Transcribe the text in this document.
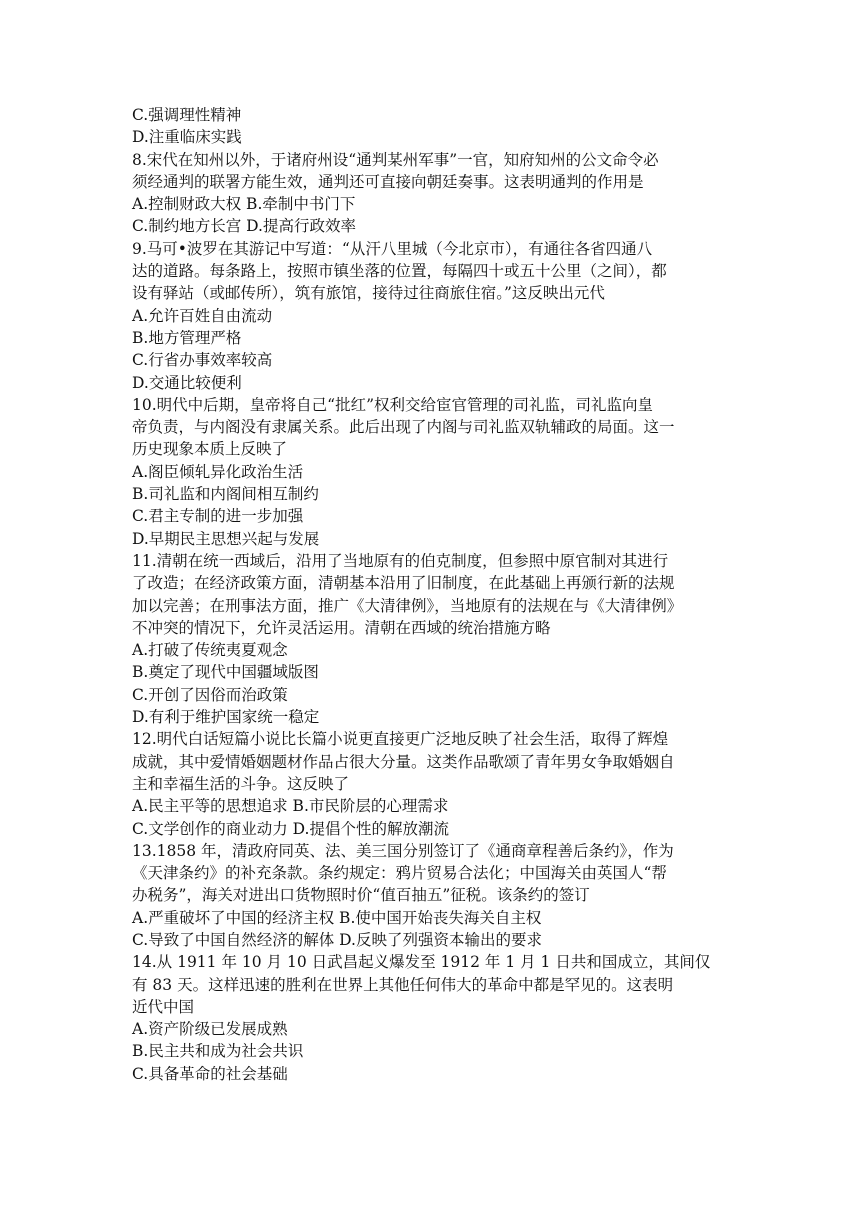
C.强调理性精神
D.注重临床实践
8.宋代在知州以外，于诸府州设“通判某州军事”一官，知府知州的公文命令必
须经通判的联署方能生效，通判还可直接向朝廷奏事。这表明通判的作用是
A.控制财政大权 B.牵制中书门下
C.制约地方长宫 D.提高行政效率
9.马可•波罗在其游记中写道：“从汗八里城（今北京市），有通往各省四通八
达的道路。每条路上，按照市镇坐落的位置，每隔四十或五十公里（之间），都
设有驿站（或邮传所），筑有旅馆，接待过往商旅住宿。”这反映出元代
A.允许百姓自由流动
B.地方管理严格
C.行省办事效率较高
D.交通比较便利
10.明代中后期，皇帝将自己“批红”权利交给宦官管理的司礼监，司礼监向皇
帝负责，与内阁没有隶属关系。此后出现了内阁与司礼监双轨辅政的局面。这一
历史现象本质上反映了
A.阁臣倾轧异化政治生活
B.司礼监和内阁间相互制约
C.君主专制的进一步加强
D.早期民主思想兴起与发展
11.清朝在统一西域后，沿用了当地原有的伯克制度，但参照中原官制对其进行
了改造；在经济政策方面，清朝基本沿用了旧制度，在此基础上再颁行新的法规
加以完善；在刑事法方面，推广《大清律例》，当地原有的法规在与《大清律例》
不冲突的情况下，允许灵活运用。清朝在西域的统治措施方略
A.打破了传统夷夏观念
B.奠定了现代中国疆域版图
C.开创了因俗而治政策
D.有利于维护国家统一稳定
12.明代白话短篇小说比长篇小说更直接更广泛地反映了社会生活，取得了辉煌
成就，其中爱情婚姻题材作品占很大分量。这类作品歌颂了青年男女争取婚姻自
主和幸福生活的斗争。这反映了
A.民主平等的思想追求 B.市民阶层的心理需求
C.文学创作的商业动力 D.提倡个性的解放潮流
13.1858 年，清政府同英、法、美三国分别签订了《通商章程善后条约》，作为
《天津条约》的补充条款。条约规定：鸦片贸易合法化；中国海关由英国人“帮
办税务”，海关对进出口货物照时价“值百抽五”征税。该条约的签订
A.严重破坏了中国的经济主权 B.使中国开始丧失海关自主权
C.导致了中国自然经济的解体 D.反映了列强资本输出的要求
14.从 1911 年 10 月 10 日武昌起义爆发至 1912 年 1 月 1 日共和国成立，其间仅
有 83 天。这样迅速的胜利在世界上其他任何伟大的革命中都是罕见的。这表明
近代中国
A.资产阶级已发展成熟
B.民主共和成为社会共识
C.具备革命的社会基础
